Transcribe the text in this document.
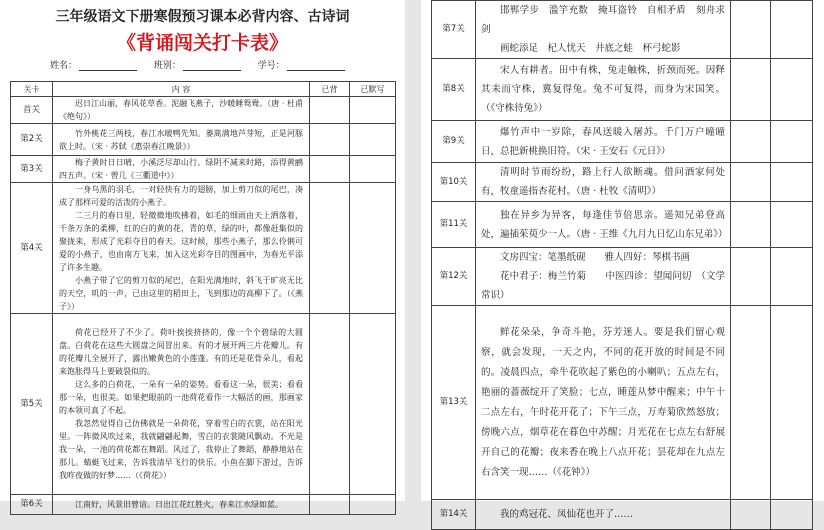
三年级语文下册寒假预习课本必背内容、古诗词
《背诵闯关打卡表》
姓名：	班别：	学号：
关卡	内 容	已背	已默写
首关	迟日江山丽，春风花草香。泥融飞燕子，沙暖睡鸳鸯。（唐 · 杜甫《绝句》）		

第2关	竹外桃花三两枝，春江水暖鸭先知。蒌蒿满地芦芽短，正是河豚欲上时。（宋 · 苏轼《惠崇春江晚景》）		

第3关	梅子黄时日日晴，小溪泛尽却山行。绿阴不减来时路，添得黄鹂四五声。（宋 · 曾几《三衢道中》）		

第4关	一身乌黑的羽毛，一对轻快有力的翅膀，加上剪刀似的尾巴，凑成了那样可爱的活泼的小燕子。

二三月的春日里，轻微微地吹拂着，如毛的细雨由天上洒落着，千条万条的柔柳，红的白的黄的花，青的草，绿的叶，都像赶集似的聚拢来，形成了光彩夺目的春天。这时候，那些小燕子，那么伶俐可爱的小燕子，也由南方飞来，加入这光彩夺目的图画中，为春光平添了许多生趣。

小燕子带了它的剪刀似的尾巴，在阳光满地时，斜飞于旷亮无比的天空，叽的一声，已由这里的稻田上，飞到那边的高柳下了。（《燕子》）		

第5关	荷花已经开了不少了。荷叶挨挨挤挤的，像一个个碧绿的大圆盘。白荷花在这些大圆盘之间冒出来。有的才展开两三片花瓣儿。有的花瓣儿全展开了，露出嫩黄色的小莲蓬。有的还是花骨朵儿，看起来饱胀得马上要破裂似的。

这么多的白荷花，一朵有一朵的姿势。看看这一朵，很美；看看那一朵，也很美。如果把眼前的一池荷花看作一大幅活的画，那画家的本领可真了不起。

我忽然觉得自己仿佛就是一朵荷花，穿着雪白的衣裳，站在阳光里。一阵微风吹过来，我就翩翩起舞，雪白的衣裳随风飘动。不光是我一朵，一池的荷花都在舞蹈。风过了，我停止了舞蹈，静静地站在那儿。蜻蜓飞过来，告诉我清早飞行的快乐。小鱼在脚下游过，告诉我昨夜做的好梦……（《荷花》）		

第6关	江南好，风景旧曾谙。日出江花红胜火，春来江水绿如蓝。		

第7关	邯郸学步　滥竽充数　掩耳盗铃　自相矛盾　刻舟求剑

画蛇添足　杞人忧天　井底之蛙　杯弓蛇影		

第8关	宋人有耕者。田中有株，兔走触株，折颈而死。因释其耒而守株，冀复得兔。兔不可复得，而身为宋国笑。（《守株待兔》）		

第9关	爆竹声中一岁除，春风送暖入屠苏。千门万户曈曈日，总把新桃换旧符。（宋 · 王安石《元日》）		

第10关	清明时节雨纷纷，路上行人欲断魂。借问酒家何处有，牧童遥指杏花村。（唐 · 杜牧《清明》）		

第11关	独在异乡为异客，每逢佳节倍思亲。遥知兄弟登高处，遍插茱萸少一人。（唐 · 王维《九月九日忆山东兄弟》）		

第12关	文房四宝：笔墨纸砚　　雅人四好：琴棋书画

花中君子：梅兰竹菊　　中医四诊：望闻问切　（文学常识）		

第13关	鲜花朵朵，争奇斗艳，芬芳迷人。要是我们留心观察，就会发现，一天之内，不同的花开放的时间是不同的。凌晨四点，牵牛花吹起了紫色的小喇叭；五点左右，艳丽的蔷薇绽开了笑脸；七点，睡莲从梦中醒来；中午十二点左右，午时花开花了；下午三点，万寿菊欣然怒放；傍晚六点，烟草花在暮色中苏醒；月光花在七点左右舒展开自己的花瓣；夜来香在晚上八点开花；昙花却在九点左右含笑一现……（《花钟》）		

第14关	我的鸡冠花、凤仙花也开了……		
